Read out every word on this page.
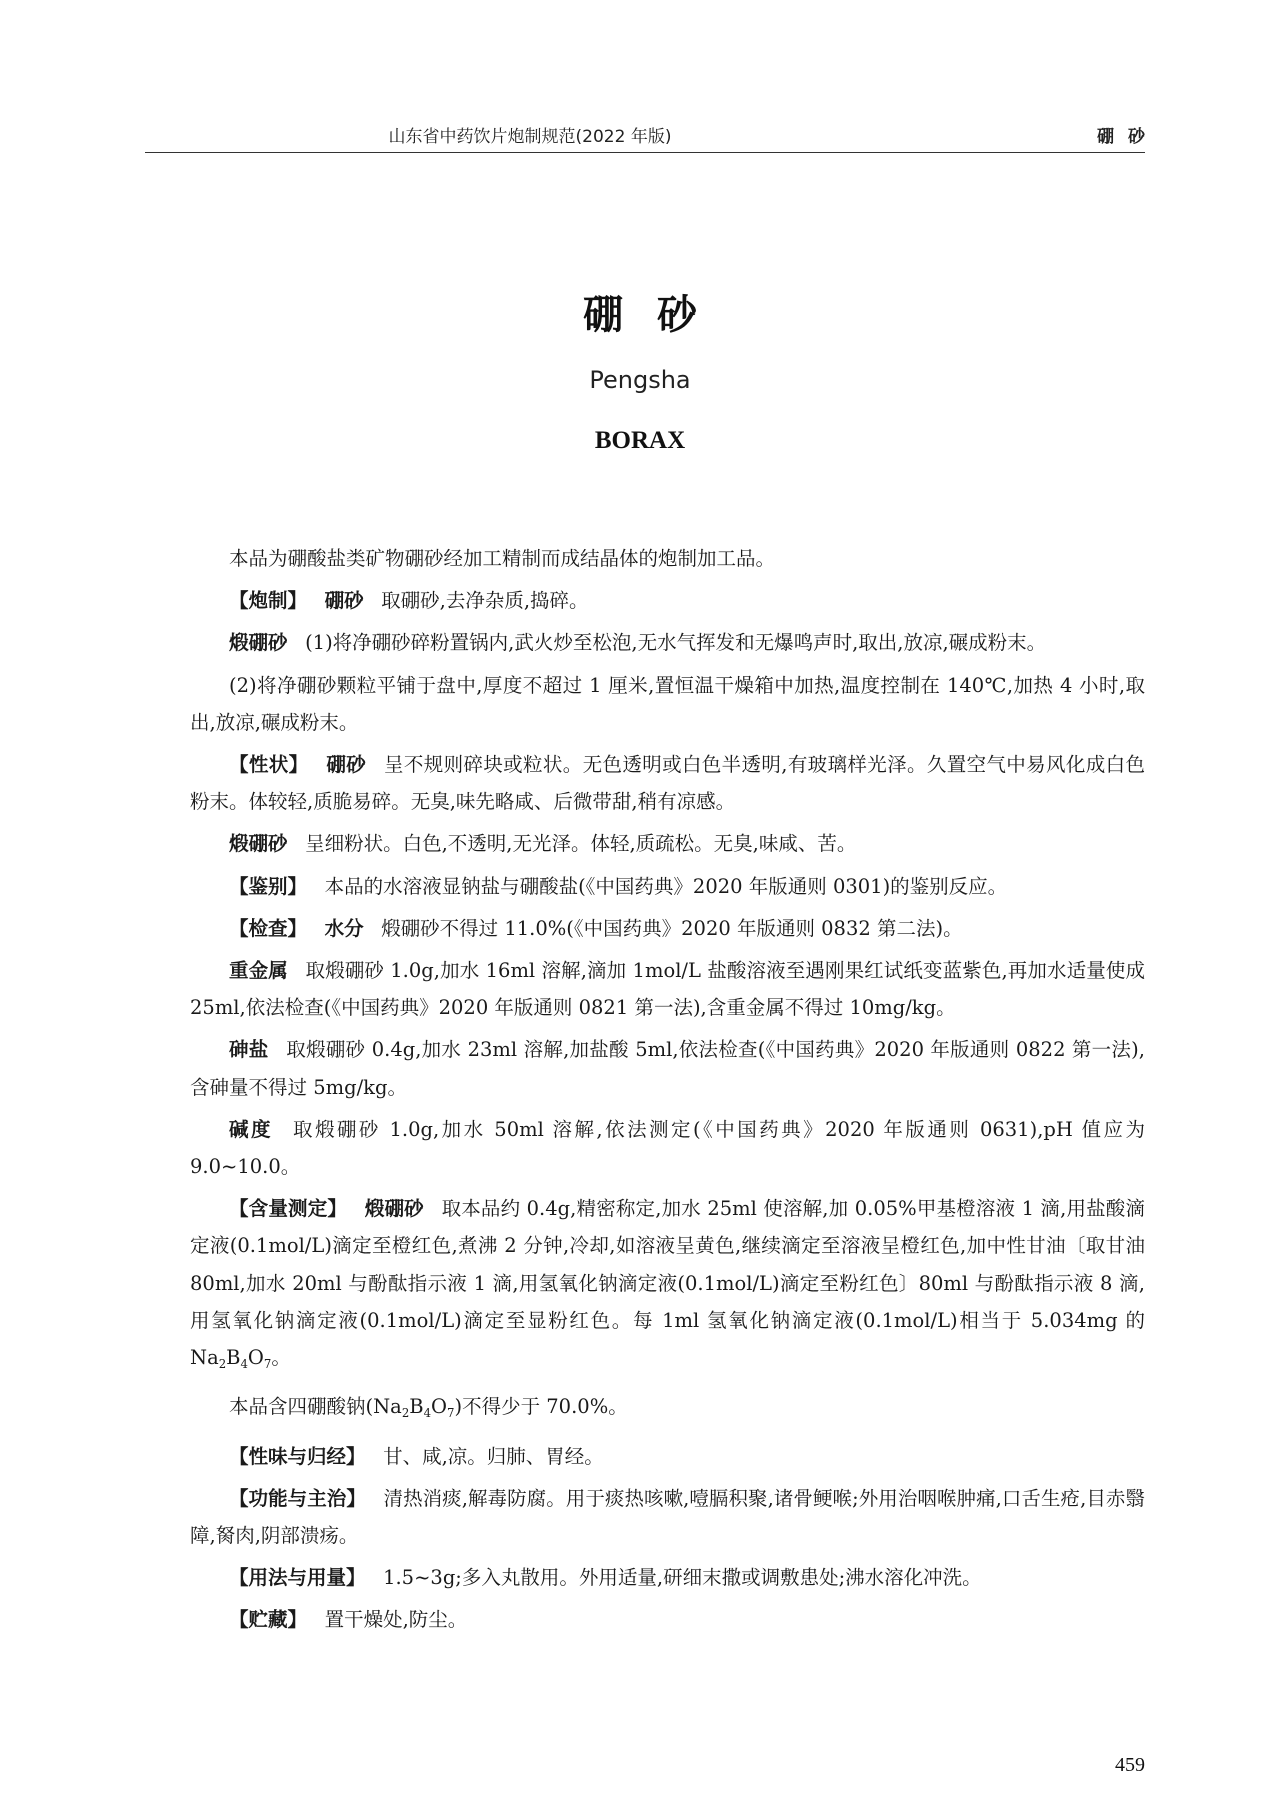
山东省中药饮片炮制规范(2022 年版)	硼砂
硼砂
Pengsha
BORAX

本品为硼酸盐类矿物硼砂经加工精制而成结晶体的炮制加工品。

【炮制】 硼砂 取硼砂,去净杂质,捣碎。

煅硼砂 (1)将净硼砂碎粉置锅内,武火炒至松泡,无水气挥发和无爆鸣声时,取出,放凉,碾成粉末。

(2)将净硼砂颗粒平铺于盘中,厚度不超过 1 厘米,置恒温干燥箱中加热,温度控制在 140℃,加热 4 小时,取出,放凉,碾成粉末。

【性状】 硼砂 呈不规则碎块或粒状。无色透明或白色半透明,有玻璃样光泽。久置空气中易风化成白色粉末。体较轻,质脆易碎。无臭,味先略咸、后微带甜,稍有凉感。

煅硼砂 呈细粉状。白色,不透明,无光泽。体轻,质疏松。无臭,味咸、苦。

【鉴别】 本品的水溶液显钠盐与硼酸盐(《中国药典》2020 年版通则 0301)的鉴别反应。

【检查】 水分 煅硼砂不得过 11.0%(《中国药典》2020 年版通则 0832 第二法)。

重金属 取煅硼砂 1.0g,加水 16ml 溶解,滴加 1mol/L 盐酸溶液至遇刚果红试纸变蓝紫色,再加水适量使成 25ml,依法检查(《中国药典》2020 年版通则 0821 第一法),含重金属不得过 10mg/kg。

砷盐 取煅硼砂 0.4g,加水 23ml 溶解,加盐酸 5ml,依法检查(《中国药典》2020 年版通则 0822 第一法),含砷量不得过 5mg/kg。

碱度 取煅硼砂 1.0g,加水 50ml 溶解,依法测定(《中国药典》2020 年版通则 0631),pH 值应为 9.0~10.0。

【含量测定】 煅硼砂 取本品约 0.4g,精密称定,加水 25ml 使溶解,加 0.05%甲基橙溶液 1 滴,用盐酸滴定液(0.1mol/L)滴定至橙红色,煮沸 2 分钟,冷却,如溶液呈黄色,继续滴定至溶液呈橙红色,加中性甘油〔取甘油 80ml,加水 20ml 与酚酞指示液 1 滴,用氢氧化钠滴定液(0.1mol/L)滴定至粉红色〕80ml 与酚酞指示液 8 滴,用氢氧化钠滴定液(0.1mol/L)滴定至显粉红色。每 1ml 氢氧化钠滴定液(0.1mol/L)相当于 5.034mg 的 $Na_2B_4O_7$。

本品含四硼酸钠$(Na_2B_4O_7)$不得少于 70.0%。

【性味与归经】 甘、咸,凉。归肺、胃经。

【功能与主治】 清热消痰,解毒防腐。用于痰热咳嗽,噎膈积聚,诸骨鲠喉;外用治咽喉肿痛,口舌生疮,目赤翳障,胬肉,阴部溃疡。

【用法与用量】 1.5~3g;多入丸散用。外用适量,研细末撒或调敷患处;沸水溶化冲洗。

【贮藏】 置干燥处,防尘。

459
